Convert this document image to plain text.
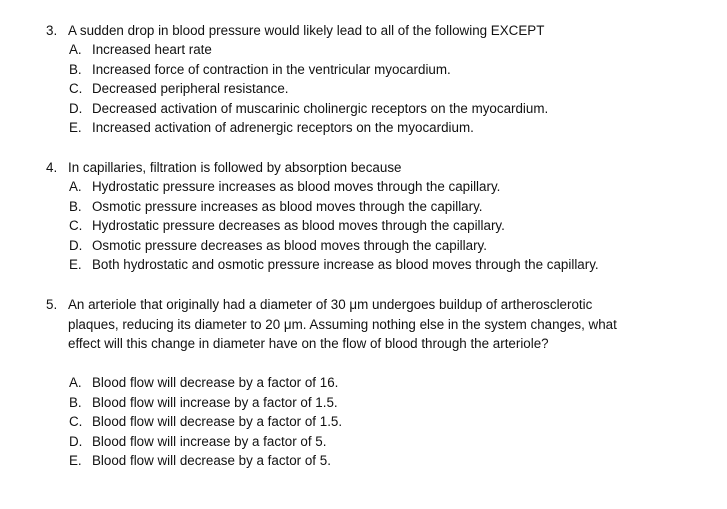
3. A sudden drop in blood pressure would likely lead to all of the following EXCEPT
A. Increased heart rate
B. Increased force of contraction in the ventricular myocardium.
C. Decreased peripheral resistance.
D. Decreased activation of muscarinic cholinergic receptors on the myocardium.
E. Increased activation of adrenergic receptors on the myocardium.
4. In capillaries, filtration is followed by absorption because
A. Hydrostatic pressure increases as blood moves through the capillary.
B. Osmotic pressure increases as blood moves through the capillary.
C. Hydrostatic pressure decreases as blood moves through the capillary.
D. Osmotic pressure decreases as blood moves through the capillary.
E. Both hydrostatic and osmotic pressure increase as blood moves through the capillary.
5. An arteriole that originally had a diameter of 30 μm undergoes buildup of artherosclerotic plaques, reducing its diameter to 20 μm. Assuming nothing else in the system changes, what effect will this change in diameter have on the flow of blood through the arteriole?
A. Blood flow will decrease by a factor of 16.
B. Blood flow will increase by a factor of 1.5.
C. Blood flow will decrease by a factor of 1.5.
D. Blood flow will increase by a factor of 5.
E. Blood flow will decrease by a factor of 5.
